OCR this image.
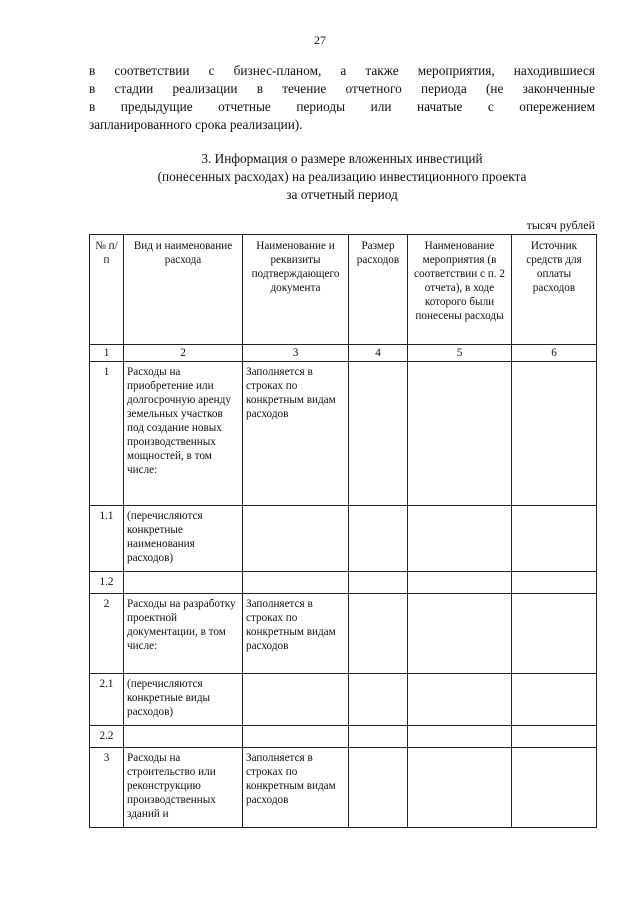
27
в соответствии с бизнес-планом, а также мероприятия, находившиеся
в стадии реализации в течение отчетного периода (не законченные
в предыдущие отчетные периоды или начатые с опережением
запланированного срока реализации).
3. Информация о размере вложенных инвестиций
(понесенных расходах) на реализацию инвестиционного проекта
за отчетный период
тысяч рублей
№ п/п	Вид и наименование расхода	Наименование и реквизиты подтверждающего документа	Размер расходов	Наименование мероприятия (в соответствии с п. 2 отчета), в ходе которого были понесены расходы	Источник средств для оплаты расходов
1	2	3	4	5	6
1	Расходы на приобретение или долгосрочную аренду земельных участков под создание новых производственных мощностей, в том числе:	Заполняется в строках по конкретным видам расходов			
1.1	(перечисляются конкретные наименования расходов)				
1.2					
2	Расходы на разработку проектной документации, в том числе:	Заполняется в строках по конкретным видам расходов			
2.1	(перечисляются конкретные виды расходов)				
2.2					
3	Расходы на строительство или реконструкцию производственных зданий и	Заполняется в строках по конкретным видам расходов			
